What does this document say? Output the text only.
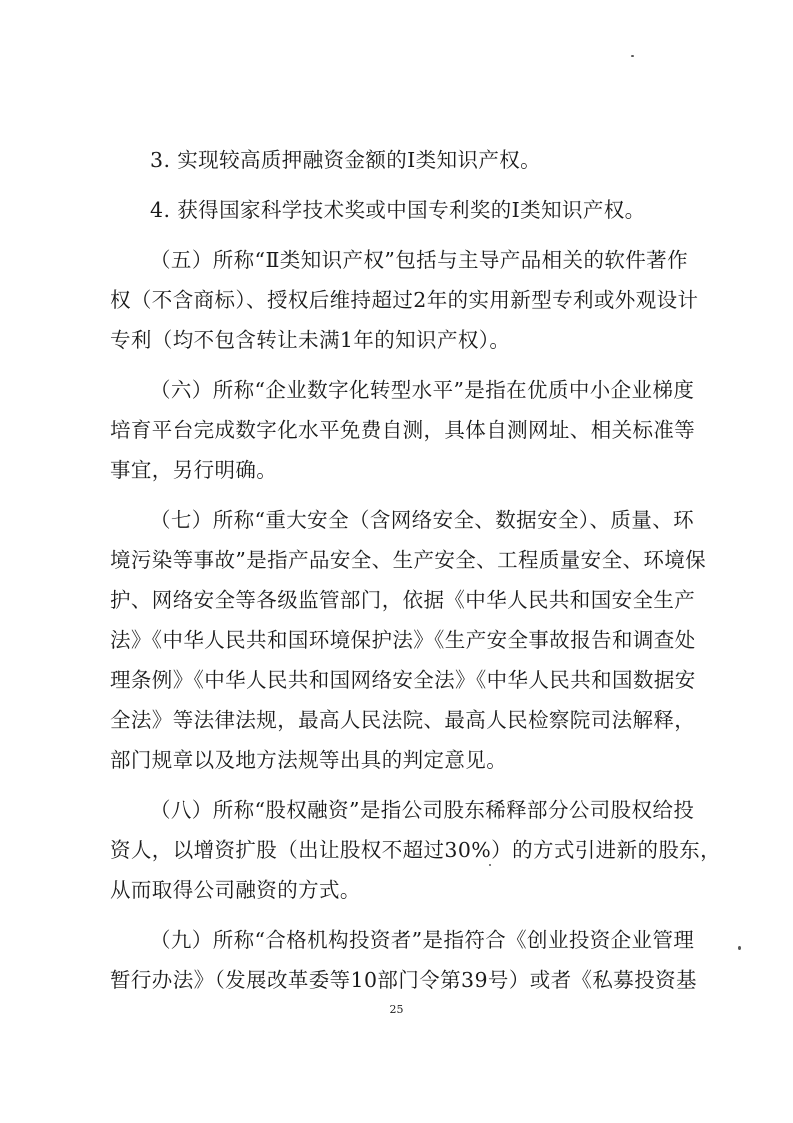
3. 实现较高质押融资金额的Ⅰ类知识产权。
4. 获得国家科学技术奖或中国专利奖的Ⅰ类知识产权。
（五）所称“Ⅱ类知识产权”包括与主导产品相关的软件著作
权（不含商标）、授权后维持超过2年的实用新型专利或外观设计
专利（均不包含转让未满1年的知识产权）。
（六）所称“企业数字化转型水平”是指在优质中小企业梯度
培育平台完成数字化水平免费自测，具体自测网址、相关标准等
事宜，另行明确。
（七）所称“重大安全（含网络安全、数据安全）、质量、环
境污染等事故”是指产品安全、生产安全、工程质量安全、环境保
护、网络安全等各级监管部门，依据《中华人民共和国安全生产
法》《中华人民共和国环境保护法》《生产安全事故报告和调查处
理条例》《中华人民共和国网络安全法》《中华人民共和国数据安
全法》等法律法规，最高人民法院、最高人民检察院司法解释，
部门规章以及地方法规等出具的判定意见。
（八）所称“股权融资”是指公司股东稀释部分公司股权给投
资人，以增资扩股（出让股权不超过30%）的方式引进新的股东，
从而取得公司融资的方式。
（九）所称“合格机构投资者”是指符合《创业投资企业管理
暂行办法》（发展改革委等10部门令第39号）或者《私募投资基
25
